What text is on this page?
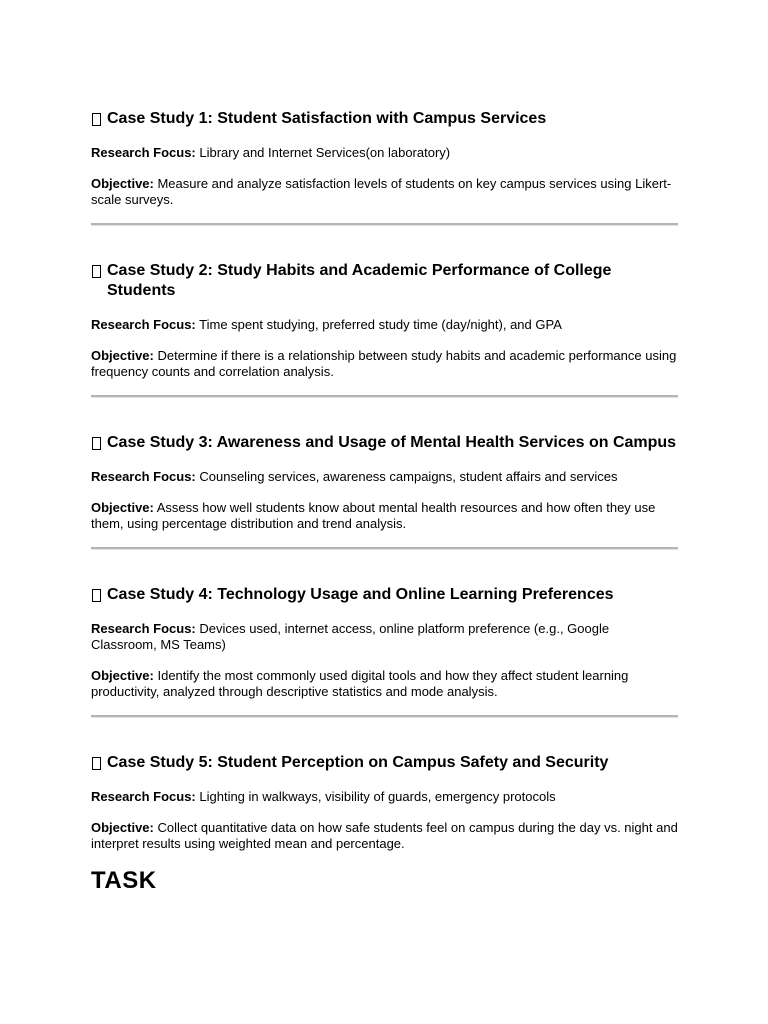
Case Study 1: Student Satisfaction with Campus Services

Research Focus: Library and Internet Services(on laboratory)

Objective: Measure and analyze satisfaction levels of students on key campus services using Likert-scale surveys.

Case Study 2: Study Habits and Academic Performance of College Students

Research Focus: Time spent studying, preferred study time (day/night), and GPA

Objective: Determine if there is a relationship between study habits and academic performance using frequency counts and correlation analysis.

Case Study 3: Awareness and Usage of Mental Health Services on Campus

Research Focus: Counseling services, awareness campaigns, student affairs and services

Objective: Assess how well students know about mental health resources and how often they use them, using percentage distribution and trend analysis.

Case Study 4: Technology Usage and Online Learning Preferences

Research Focus: Devices used, internet access, online platform preference (e.g., Google Classroom, MS Teams)

Objective: Identify the most commonly used digital tools and how they affect student learning productivity, analyzed through descriptive statistics and mode analysis.

Case Study 5: Student Perception on Campus Safety and Security

Research Focus: Lighting in walkways, visibility of guards, emergency protocols

Objective: Collect quantitative data on how safe students feel on campus during the day vs. night and interpret results using weighted mean and percentage.

TASK
